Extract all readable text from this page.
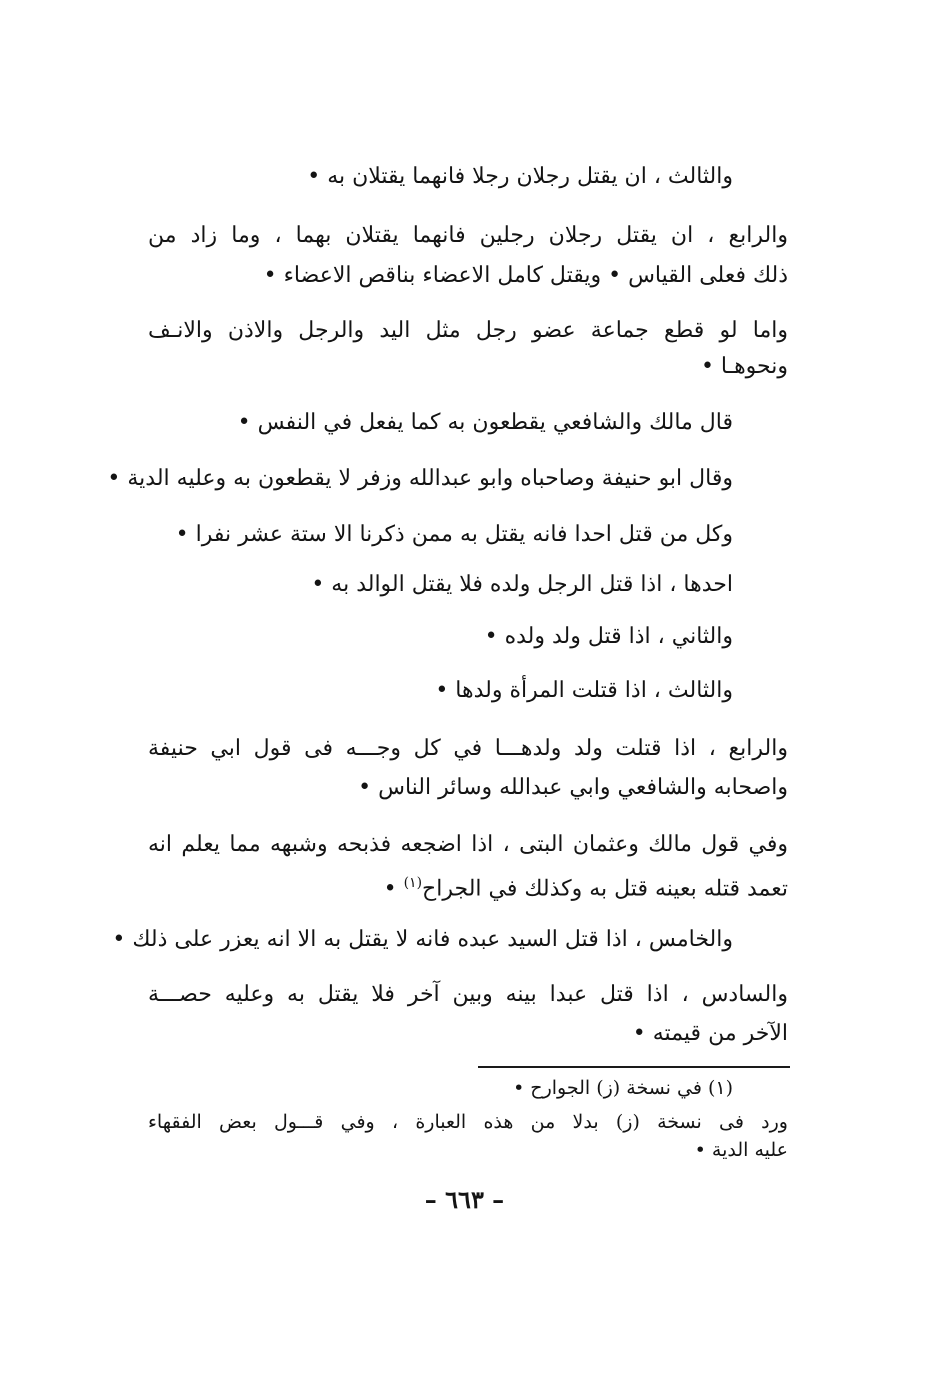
والثالث ، ان يقتل رجلان رجلا فانهما يقتلان به •
والرابع ، ان يقتل رجلان رجلين فانهما يقتلان بهما ، وما زاد من
ذلك فعلى القياس • ويقتل كامل الاعضاء بناقص الاعضاء •
واما لو قطع جماعة عضو رجل مثل اليد والرجل والاذن والانـف
ونحوهـا •
قال مالك والشافعي يقطعون به كما يفعل في النفس •
وقال ابو حنيفة وصاحباه وابو عبدالله وزفر لا يقطعون به وعليه الدية •
وكل من قتل احدا فانه يقتل به ممن ذكرنا الا ستة عشر نفرا •
احدها ، اذا قتل الرجل ولده فلا يقتل الوالد به •
والثاني ، اذا قتل ولد ولده •
والثالث ، اذا قتلت المرأة ولدها •
والرابع ، اذا قتلت ولد ولدهـــا في كل وجـــه فى قول ابي حنيفة
واصحابه والشافعي وابي عبدالله وسائر الناس •
وفي قول مالك وعثمان البتى ، اذا اضجعه فذبحه وشبهه مما يعلم انه
تعمد قتله بعينه قتل به وكذلك في الجراح$^{(١)}$ •
والخامس ، اذا قتل السيد عبده فانه لا يقتل به الا انه يعزر على ذلك •
والسادس ، اذا قتل عبدا بينه وبين آخر فلا يقتل به وعليه حصـــة
الآخر من قيمته •
(١) في نسخة (ز) الجوارح •
ورد فى نسخة (ز) بدلا من هذه العبارة ، وفي قـــول بعض الفقهاء
عليه الدية •
– ٦٦٣ –
